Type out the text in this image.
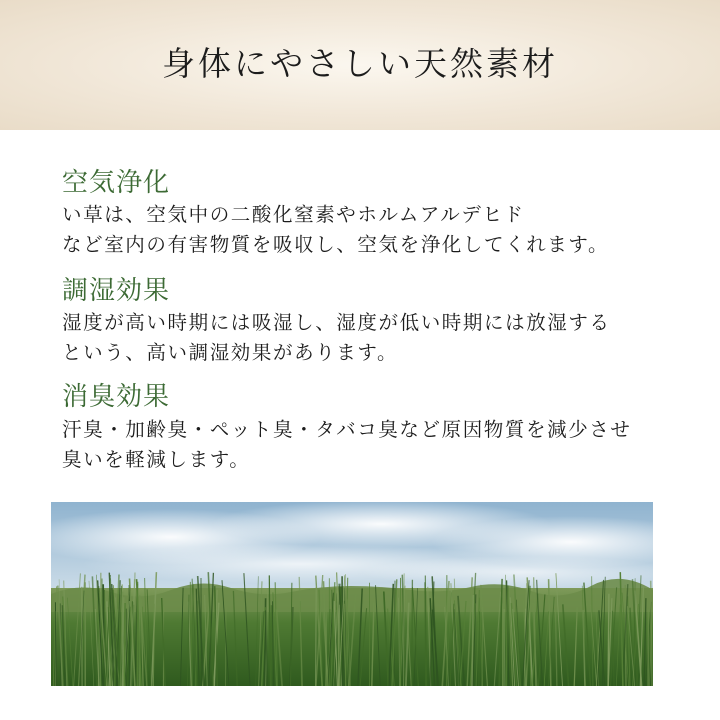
身体にやさしい天然素材
空気浄化

い草は、空気中の二酸化窒素やホルムアルデヒド

など室内の有害物質を吸収し、空気を浄化してくれます。

調湿効果

湿度が高い時期には吸湿し、湿度が低い時期には放湿する

という、高い調湿効果があります。

消臭効果

汗臭・加齢臭・ペット臭・タバコ臭など原因物質を減少させ

臭いを軽減します。
